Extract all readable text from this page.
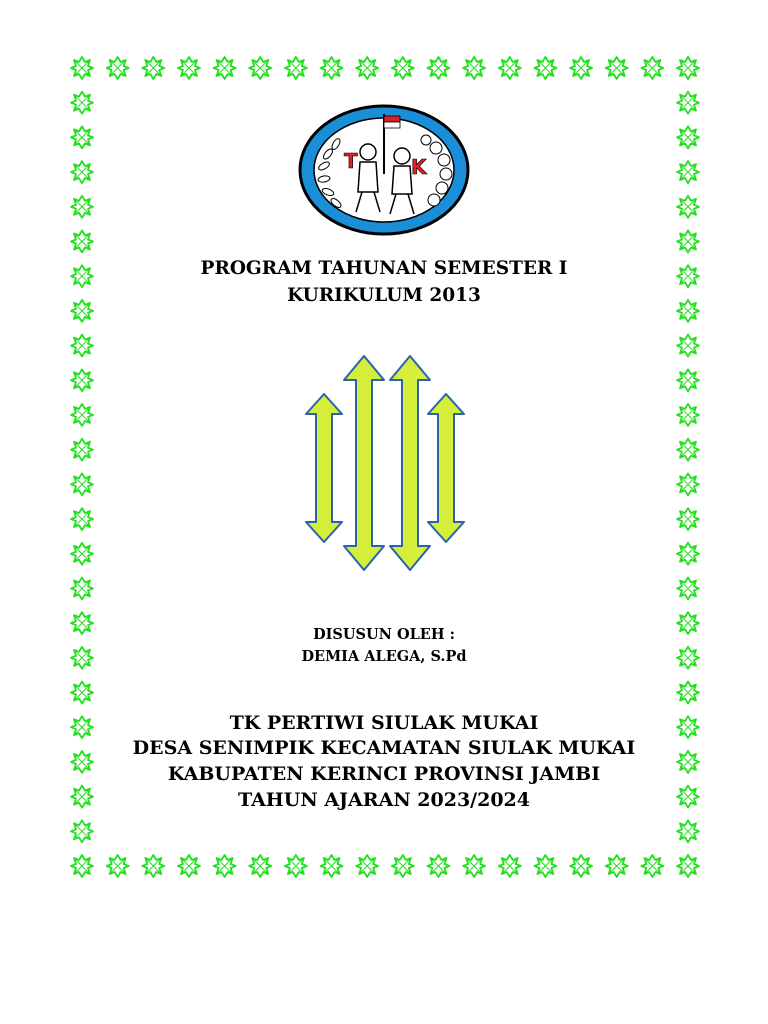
T	K
PROGRAM TAHUNAN SEMESTER I
KURIKULUM 2013
DISUSUN OLEH :
DEMIA ALEGA, S.Pd
TK PERTIWI SIULAK MUKAI
DESA SENIMPIK KECAMATAN SIULAK MUKAI
KABUPATEN KERINCI PROVINSI JAMBI
TAHUN AJARAN 2023/2024
